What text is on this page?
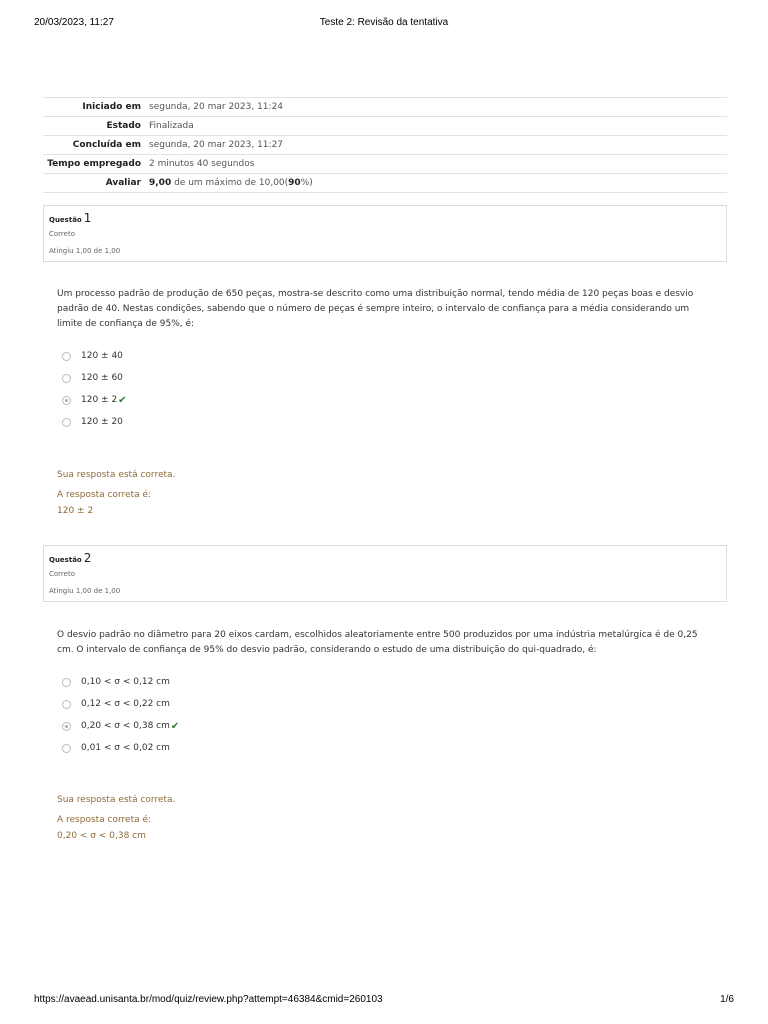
20/03/2023, 11:27	Teste 2: Revisão da tentativa
Iniciado em	segunda, 20 mar 2023, 11:24
Estado	Finalizada
Concluída em	segunda, 20 mar 2023, 11:27
Tempo empregado	2 minutos 40 segundos
Avaliar	9,00 de um máximo de 10,00(90%)
Questão 1
Correto
Atingiu 1,00 de 1,00
Um processo padrão de produção de 650 peças, mostra-se descrito como uma distribuição normal, tendo média de 120 peças boas e desvio padrão de 40. Nestas condições, sabendo que o número de peças é sempre inteiro, o intervalo de confiança para a média considerando um limite de confiança de 95%, é:
120 ± 40
120 ± 60
120 ± 2 ✔
120 ± 20
Sua resposta está correta.
A resposta correta é:
120 ± 2
Questão 2
Correto
Atingiu 1,00 de 1,00
O desvio padrão no diâmetro para 20 eixos cardam, escolhidos aleatoriamente entre 500 produzidos por uma indústria metalúrgica é de 0,25 cm. O intervalo de confiança de 95% do desvio padrão, considerando o estudo de uma distribuição do qui-quadrado, é:
0,10 < σ < 0,12 cm
0,12 < σ < 0,22 cm
0,20 < σ < 0,38 cm ✔
0,01 < σ < 0,02 cm
Sua resposta está correta.
A resposta correta é:
0,20 < σ < 0,38 cm
https://avaead.unisanta.br/mod/quiz/review.php?attempt=46384&cmid=260103	1/6
